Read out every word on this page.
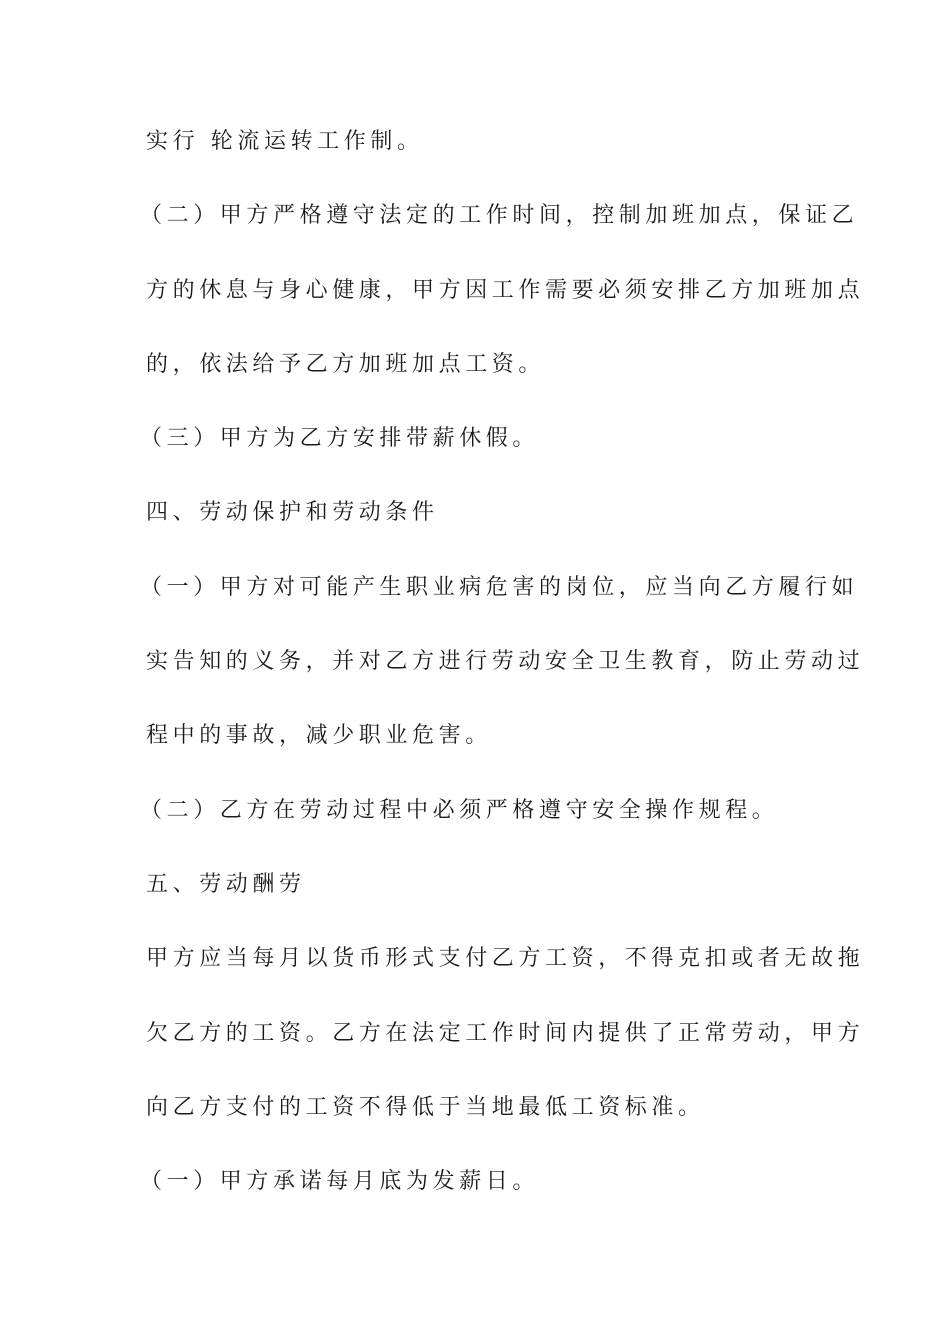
实行 轮流运转工作制。
（二）甲方严格遵守法定的工作时间，控制加班加点，保证乙
方的休息与身心健康，甲方因工作需要必须安排乙方加班加点
的，依法给予乙方加班加点工资。
（三）甲方为乙方安排带薪休假。
四、劳动保护和劳动条件
（一）甲方对可能产生职业病危害的岗位，应当向乙方履行如
实告知的义务，并对乙方进行劳动安全卫生教育，防止劳动过
程中的事故，减少职业危害。
（二）乙方在劳动过程中必须严格遵守安全操作规程。
五、劳动酬劳
甲方应当每月以货币形式支付乙方工资，不得克扣或者无故拖
欠乙方的工资。乙方在法定工作时间内提供了正常劳动，甲方
向乙方支付的工资不得低于当地最低工资标准。
（一）甲方承诺每月底为发薪日。
